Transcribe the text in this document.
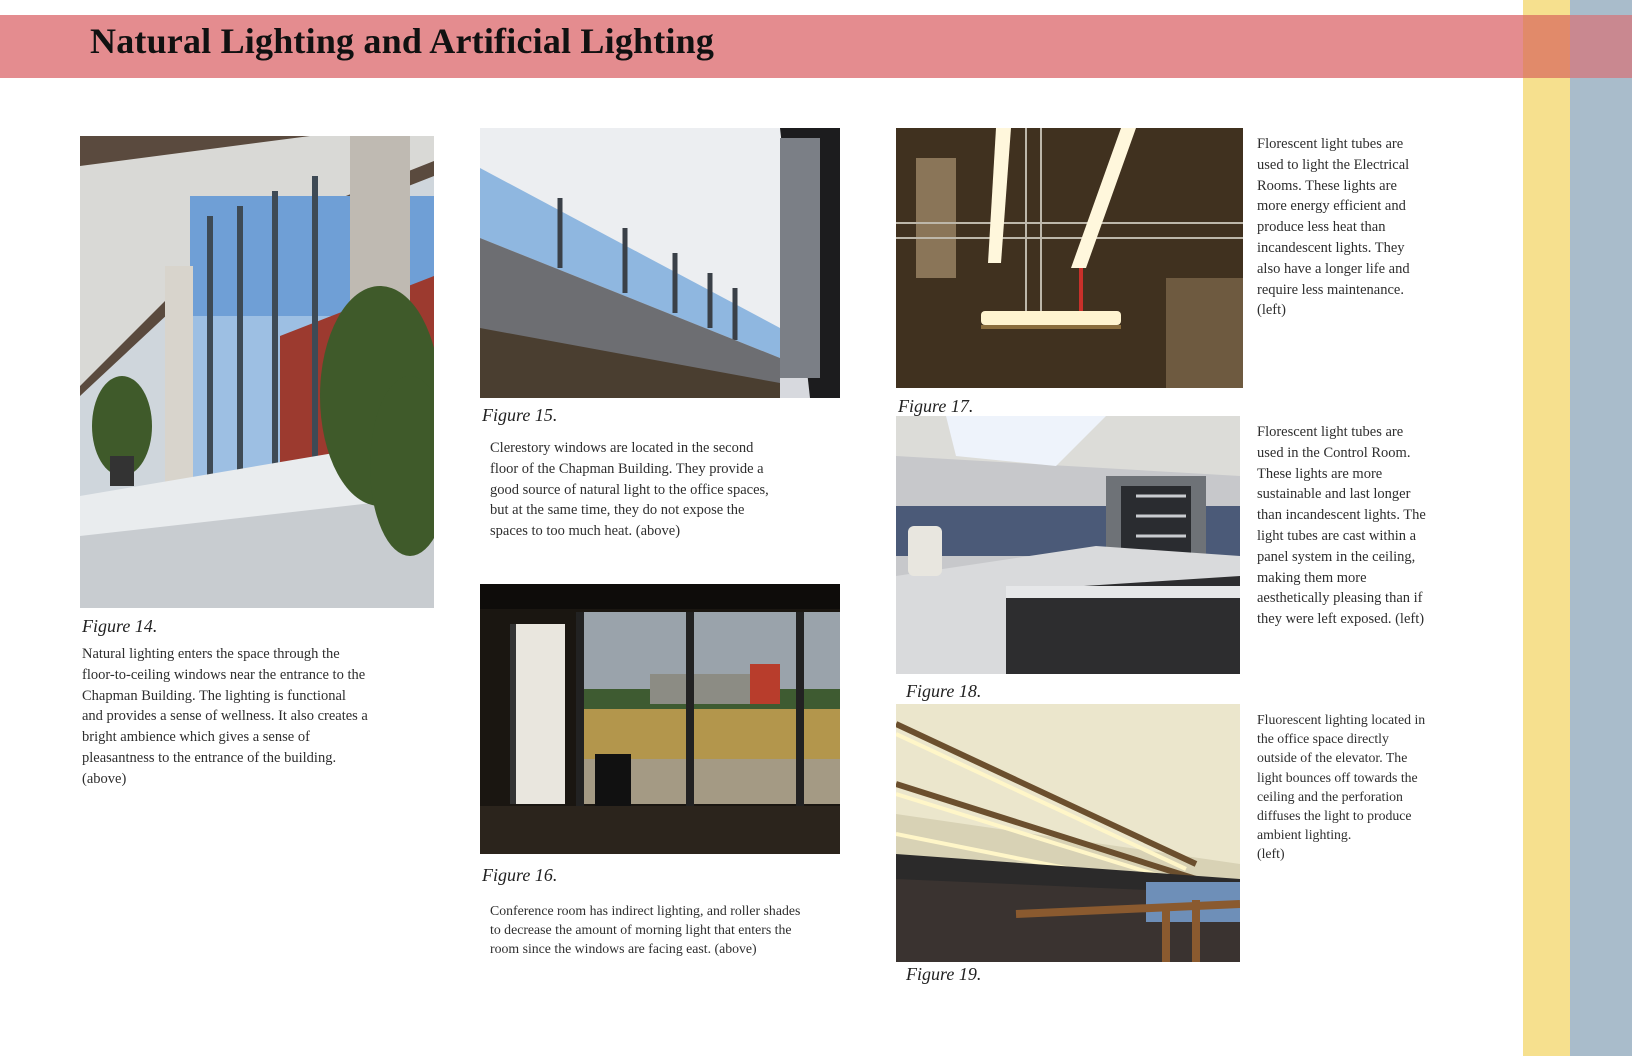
Natural Lighting and Artificial Lighting
Figure 14.
Natural lighting enters the space through the
floor-to-ceiling windows near the entrance to the
Chapman Building. The lighting is functional
and provides a sense of wellness. It also creates a
bright ambience which gives a sense of
pleasantness to the entrance of the building.
(above)
Figure 15.
Clerestory windows are located in the second
floor of the Chapman Building. They provide a
good source of natural light to the office spaces,
but at the same time, they do not expose the
spaces to too much heat. (above)
Figure 16.
Conference room has indirect lighting, and roller shades
to decrease the amount of morning light that enters the
room since the windows are facing east. (above)
Figure 17.
Florescent light tubes are
used to light the Electrical
Rooms. These lights are
more energy efficient and
produce less heat than
incandescent lights. They
also have a longer life and
require less maintenance.
(left)
Figure 18.
Florescent light tubes are
used in the Control Room.
These lights are more
sustainable and last longer
than incandescent lights. The
light tubes are cast within a
panel system in the ceiling,
making them more
aesthetically pleasing than if
they were left exposed. (left)
Figure 19.
Fluorescent lighting located in
the office space directly
outside of the elevator. The
light bounces off towards the
ceiling and the perforation
diffuses the light to produce
ambient lighting.
(left)
